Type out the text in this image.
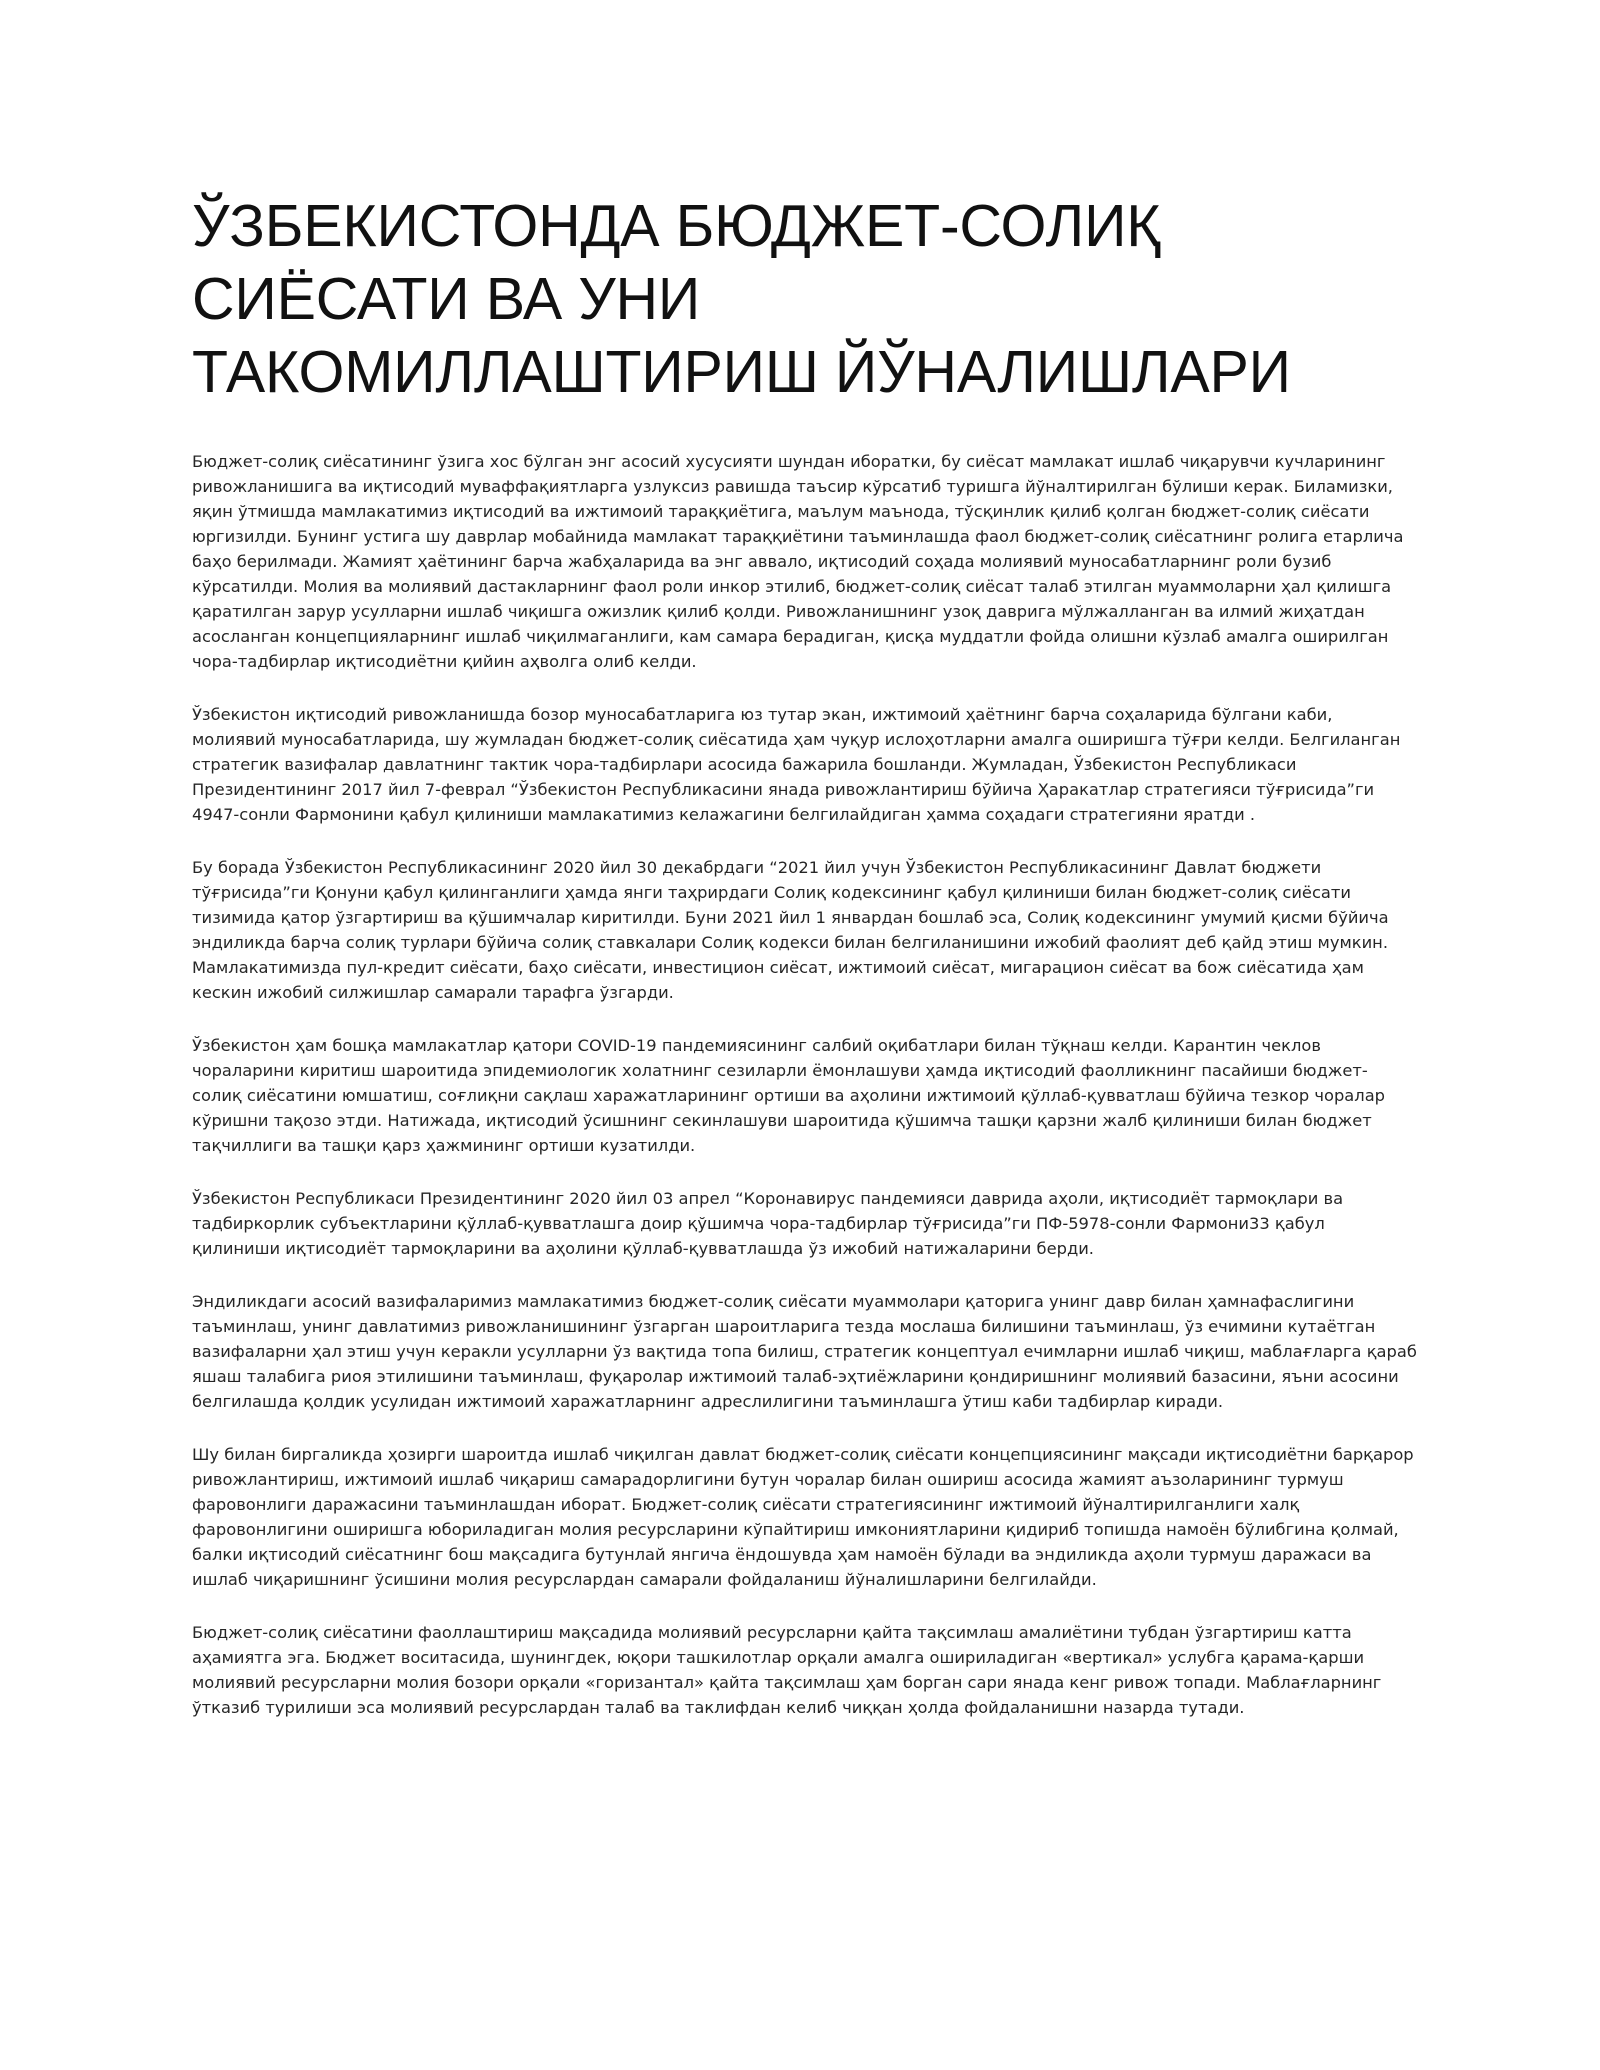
ЎЗБЕКИСТОНДА БЮДЖЕТ-СОЛИҚ
СИЁСАТИ ВА УНИ
ТАКОМИЛЛАШТИРИШ ЙЎНАЛИШЛАРИ

Бюджет-солиқ сиёсатининг ўзига хос бўлган энг асосий хусусияти шундан иборатки, бу сиёсат мамлакат ишлаб чиқарувчи кучларининг ривожланишига ва иқтисодий муваффақиятларга узлуксиз равишда таъсир кўрсатиб туришга йўналтирилган бўлиши керак. Биламизки, яқин ўтмишда мамлакатимиз иқтисодий ва ижтимоий тараққиётига, маълум маънода, тўсқинлик қилиб қолган бюджет-солиқ сиёсати юргизилди. Бунинг устига шу даврлар мобайнида мамлакат тараққиётини таъминлашда фаол бюджет-солиқ сиёсатнинг ролига етарлича баҳо берилмади. Жамият ҳаётининг барча жабҳаларида ва энг аввало, иқтисодий соҳада молиявий муносабатларнинг роли бузиб кўрсатилди. Молия ва молиявий дастакларнинг фаол роли инкор этилиб, бюджет-солиқ сиёсат талаб этилган муаммоларни ҳал қилишга қаратилган зарур усулларни ишлаб чиқишга ожизлик қилиб қолди. Ривожланишнинг узоқ даврига мўлжалланган ва илмий жиҳатдан асосланган концепцияларнинг ишлаб чиқилмаганлиги, кам самара берадиган, қисқа муддатли фойда олишни кўзлаб амалга оширилган чора-тадбирлар иқтисодиётни қийин аҳволга олиб келди.

Ўзбекистон иқтисодий ривожланишда бозор муносабатларига юз тутар экан, ижтимоий ҳаётнинг барча соҳаларида бўлгани каби, молиявий муносабатларида, шу жумладан бюджет-солиқ сиёсатида ҳам чуқур ислоҳотларни амалга оширишга тўғри келди. Белгиланган стратегик вазифалар давлатнинг тактик чора-тадбирлари асосида бажарила бошланди. Жумладан, Ўзбекистон Республикаси Президентининг 2017 йил 7-феврал “Ўзбекистон Республикасини янада ривожлантириш бўйича Ҳаракатлар стратегияси тўғрисида”ги 4947-сонли Фармонини қабул қилиниши мамлакатимиз келажагини белгилайдиган ҳамма соҳадаги стратегияни яратди .

Бу борада Ўзбекистон Республикасининг 2020 йил 30 декабрдаги “2021 йил учун Ўзбекистон Республикасининг Давлат бюджети тўғрисида”ги Қонуни қабул қилинганлиги ҳамда янги таҳрирдаги Солиқ кодексининг қабул қилиниши билан бюджет-солиқ сиёсати тизимида қатор ўзгартириш ва қўшимчалар киритилди. Буни 2021 йил 1 январдан бошлаб эса, Солиқ кодексининг умумий қисми бўйича эндиликда барча солиқ турлари бўйича солиқ ставкалари Солиқ кодекси билан белгиланишини ижобий фаолият деб қайд этиш мумкин. Мамлакатимизда пул-кредит сиёсати, баҳо сиёсати, инвестицион сиёсат, ижтимоий сиёсат, мигарацион сиёсат ва бож сиёсатида ҳам кескин ижобий силжишлар самарали тарафга ўзгарди.

Ўзбекистон ҳам бошқа мамлакатлар қатори COVID-19 пандемиясининг салбий оқибатлари билан тўқнаш келди. Карантин чеклов чораларини киритиш шароитида эпидемиологик холатнинг сезиларли ёмонлашуви ҳамда иқтисодий фаолликнинг пасайиши бюджет-солиқ сиёсатини юмшатиш, соғлиқни сақлаш харажатларининг ортиши ва аҳолини ижтимоий қўллаб-қувватлаш бўйича тезкор чоралар кўришни тақозо этди. Натижада, иқтисодий ўсишнинг секинлашуви шароитида қўшимча ташқи қарзни жалб қилиниши билан бюджет тақчиллиги ва ташқи қарз ҳажмининг ортиши кузатилди.

Ўзбекистон Республикаси Президентининг 2020 йил 03 апрел “Коронавирус пандемияси даврида аҳоли, иқтисодиёт тармоқлари ва тадбиркорлик субъектларини қўллаб-қувватлашга доир қўшимча чора-тадбирлар тўғрисида”ги ПФ-5978-сонли Фармони33 қабул қилиниши иқтисодиёт тармоқларини ва аҳолини қўллаб-қувватлашда ўз ижобий натижаларини берди.

Эндиликдаги асосий вазифаларимиз мамлакатимиз бюджет-солиқ сиёсати муаммолари қаторига унинг давр билан ҳамнафаслигини таъминлаш, унинг давлатимиз ривожланишининг ўзгарган шароитларига тезда мослаша билишини таъминлаш, ўз ечимини кутаётган вазифаларни ҳал этиш учун керакли усулларни ўз вақтида топа билиш, стратегик концептуал ечимларни ишлаб чиқиш, маблағларга қараб яшаш талабига риоя этилишини таъминлаш, фуқаролар ижтимоий талаб-эҳтиёжларини қондиришнинг молиявий базасини, яъни асосини белгилашда қолдик усулидан ижтимоий харажатларнинг адреслилигини таъминлашга ўтиш каби тадбирлар киради.

Шу билан биргаликда ҳозирги шароитда ишлаб чиқилган давлат бюджет-солиқ сиёсати концепциясининг мақсади иқтисодиётни барқарор ривожлантириш, ижтимоий ишлаб чиқариш самарадорлигини бутун чоралар билан ошириш асосида жамият аъзоларининг турмуш фаровонлиги даражасини таъминлашдан иборат. Бюджет-солиқ сиёсати стратегиясининг ижтимоий йўналтирилганлиги халқ фаровонлигини оширишга юбориладиган молия ресурсларини кўпайтириш имкониятларини қидириб топишда намоён бўлибгина қолмай, балки иқтисодий сиёсатнинг бош мақсадига бутунлай янгича ёндошувда ҳам намоён бўлади ва эндиликда аҳоли турмуш даражаси ва ишлаб чиқаришнинг ўсишини молия ресурслардан самарали фойдаланиш йўналишларини белгилайди.

Бюджет-солиқ сиёсатини фаоллаштириш мақсадида молиявий ресурсларни қайта тақсимлаш амалиётини тубдан ўзгартириш катта аҳамиятга эга. Бюджет воситасида, шунингдек, юқори ташкилотлар орқали амалга ошириладиган «вертикал» услубга қарама-қарши молиявий ресурсларни молия бозори орқали «горизантал» қайта тақсимлаш ҳам борган сари янада кенг ривож топади. Маблағларнинг ўтказиб турилиши эса молиявий ресурслардан талаб ва таклифдан келиб чиққан ҳолда фойдаланишни назарда тутади.
